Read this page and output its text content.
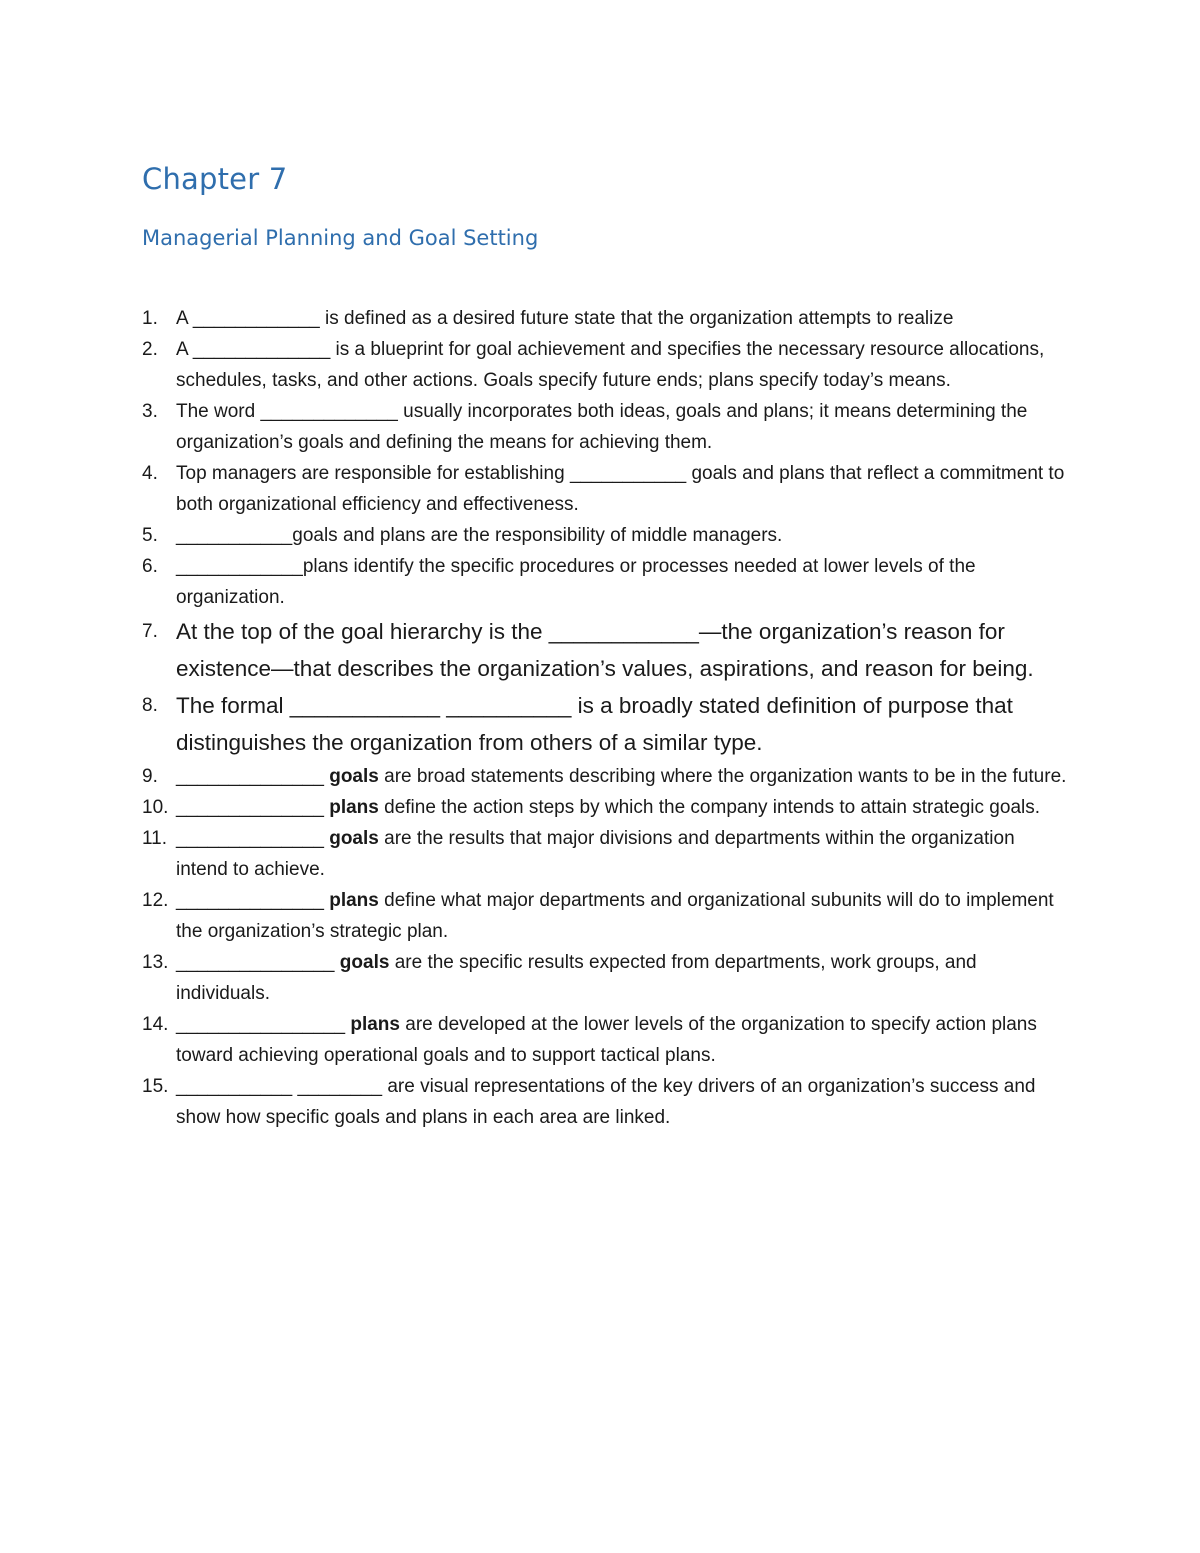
Chapter 7
Managerial Planning and Goal Setting
1. A ____________ is defined as a desired future state that the organization attempts to realize
2. A _____________ is a blueprint for goal achievement and specifies the necessary resource allocations, schedules, tasks, and other actions. Goals specify future ends; plans specify today’s means.
3. The word _____________ usually incorporates both ideas, goals and plans; it means determining the organization’s goals and defining the means for achieving them.
4. Top managers are responsible for establishing ___________ goals and plans that reflect a commitment to both organizational efficiency and effectiveness.
5. ___________goals and plans are the responsibility of middle managers.
6. ____________plans identify the specific procedures or processes needed at lower levels of the organization.
7. At the top of the goal hierarchy is the ____________—the organization’s reason for existence—that describes the organization’s values, aspirations, and reason for being.
8. The formal ____________ __________ is a broadly stated definition of purpose that distinguishes the organization from others of a similar type.
9. ______________ goals are broad statements describing where the organization wants to be in the future.
10. ______________ plans define the action steps by which the company intends to attain strategic goals.
11. ______________ goals are the results that major divisions and departments within the organization intend to achieve.
12. ______________ plans define what major departments and organizational subunits will do to implement the organization’s strategic plan.
13. _______________ goals are the specific results expected from departments, work groups, and individuals.
14. ________________ plans are developed at the lower levels of the organization to specify action plans toward achieving operational goals and to support tactical plans.
15. ___________ ________ are visual representations of the key drivers of an organization’s success and show how specific goals and plans in each area are linked.
